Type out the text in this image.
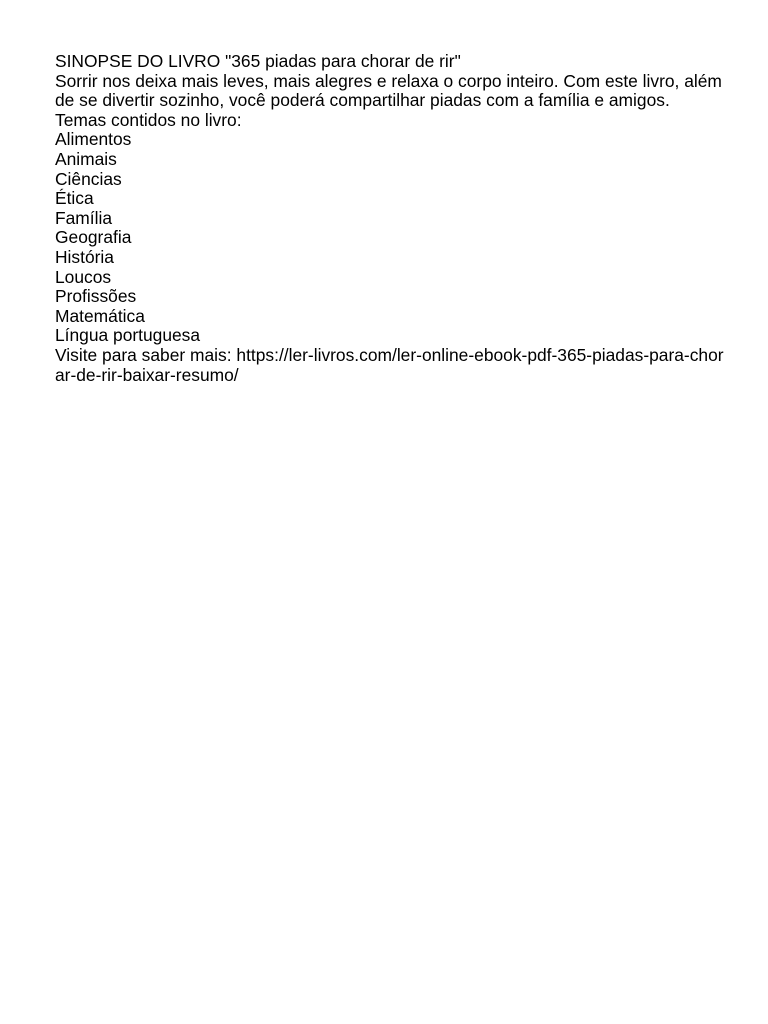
SINOPSE DO LIVRO "365 piadas para chorar de rir"

Sorrir nos deixa mais leves, mais alegres e relaxa o corpo inteiro. Com este livro, além de se divertir sozinho, você poderá compartilhar piadas com a família e amigos.

Temas contidos no livro:

Alimentos
Animais
Ciências
Ética
Família
Geografia
História
Loucos
Profissões
Matemática
Língua portuguesa

Visite para saber mais: https://ler-livros.com/ler-online-ebook-pdf-365-piadas-para-chorar-de-rir-baixar-resumo/
